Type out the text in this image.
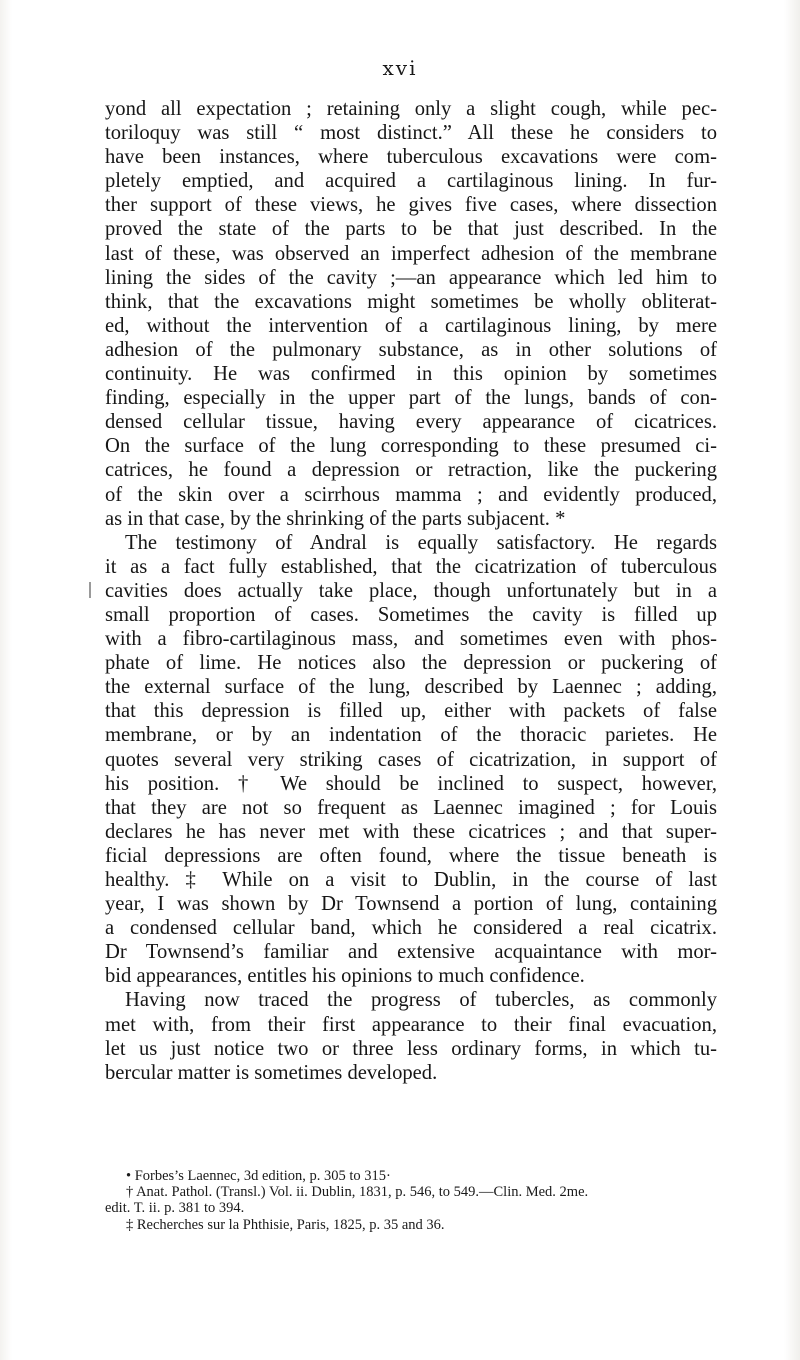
xvi
yond all expectation ; retaining only a slight cough, while pec-
toriloquy was still “ most distinct.” All these he considers to
have been instances, where tuberculous excavations were com-
pletely emptied, and acquired a cartilaginous lining. In fur-
ther support of these views, he gives five cases, where dissection
proved the state of the parts to be that just described. In the
last of these, was observed an imperfect adhesion of the membrane
lining the sides of the cavity ;—an appearance which led him to
think, that the excavations might sometimes be wholly obliterat-
ed, without the intervention of a cartilaginous lining, by mere
adhesion of the pulmonary substance, as in other solutions of
continuity. He was confirmed in this opinion by sometimes
finding, especially in the upper part of the lungs, bands of con-
densed cellular tissue, having every appearance of cicatrices.
On the surface of the lung corresponding to these presumed ci-
catrices, he found a depression or retraction, like the puckering
of the skin over a scirrhous mamma ; and evidently produced,
as in that case, by the shrinking of the parts subjacent. *
The testimony of Andral is equally satisfactory. He regards
it as a fact fully established, that the cicatrization of tuberculous
cavities does actually take place, though unfortunately but in a
small proportion of cases. Sometimes the cavity is filled up
with a fibro-cartilaginous mass, and sometimes even with phos-
phate of lime. He notices also the depression or puckering of
the external surface of the lung, described by Laennec ; adding,
that this depression is filled up, either with packets of false
membrane, or by an indentation of the thoracic parietes. He
quotes several very striking cases of cicatrization, in support of
his position. † We should be inclined to suspect, however,
that they are not so frequent as Laennec imagined ; for Louis
declares he has never met with these cicatrices ; and that super-
ficial depressions are often found, where the tissue beneath is
healthy. ‡ While on a visit to Dublin, in the course of last
year, I was shown by Dr Townsend a portion of lung, containing
a condensed cellular band, which he considered a real cicatrix.
Dr Townsend’s familiar and extensive acquaintance with mor-
bid appearances, entitles his opinions to much confidence.
Having now traced the progress of tubercles, as commonly
met with, from their first appearance to their final evacuation,
let us just notice two or three less ordinary forms, in which tu-
bercular matter is sometimes developed.
• Forbes’s Laennec, 3d edition, p. 305 to 315·
† Anat. Pathol. (Transl.) Vol. ii. Dublin, 1831, p. 546, to 549.—Clin. Med. 2me.
edit. T. ii. p. 381 to 394.
‡ Recherches sur la Phthisie, Paris, 1825, p. 35 and 36.
